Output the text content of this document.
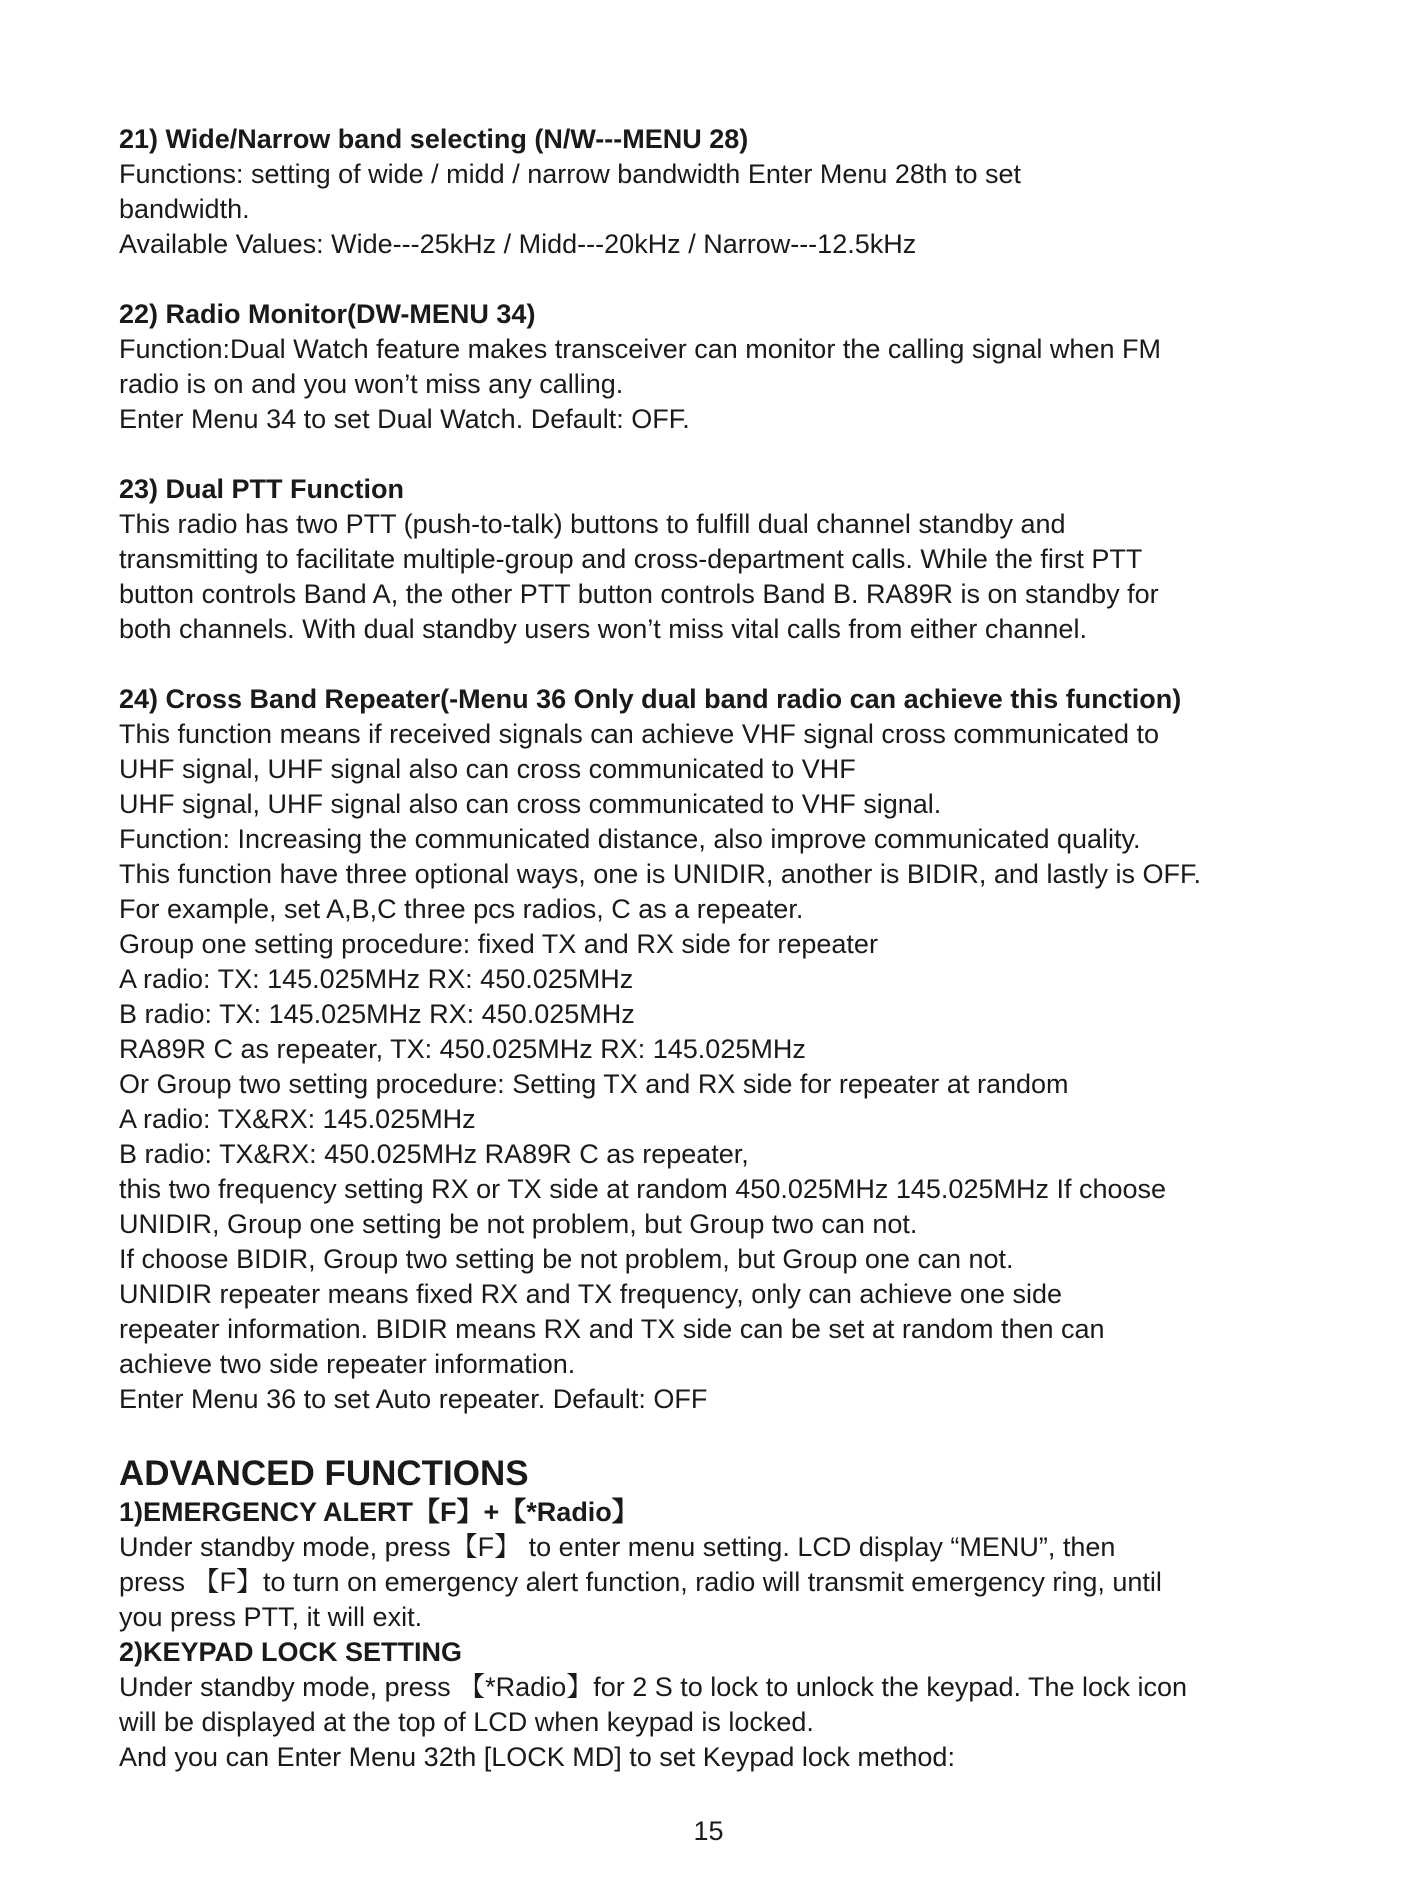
21) Wide/Narrow band selecting (N/W---MENU 28)
Functions: setting of wide / midd / narrow bandwidth Enter Menu 28th to set
bandwidth.
Available Values: Wide---25kHz / Midd---20kHz / Narrow---12.5kHz
22) Radio Monitor(DW-MENU 34)
Function:Dual Watch feature makes transceiver can monitor the calling signal when FM
radio is on and you won’t miss any calling.
Enter Menu 34 to set Dual Watch. Default: OFF.
23) Dual PTT Function
This radio has two PTT (push-to-talk) buttons to fulfill dual channel standby and
transmitting to facilitate multiple-group and cross-department calls. While the first PTT
button controls Band A, the other PTT button controls Band B. RA89R is on standby for
both channels. With dual standby users won’t miss vital calls from either channel.
24) Cross Band Repeater(-Menu 36 Only dual band radio can achieve this function)
This function means if received signals can achieve VHF signal cross communicated to
UHF signal, UHF signal also can cross communicated to VHF
UHF signal, UHF signal also can cross communicated to VHF signal.
Function: Increasing the communicated distance, also improve communicated quality.
This function have three optional ways, one is UNIDIR, another is BIDIR, and lastly is OFF.
For example, set A,B,C three pcs radios, C as a repeater.
Group one setting procedure: fixed TX and RX side for repeater
A radio: TX: 145.025MHz RX: 450.025MHz
B radio: TX: 145.025MHz RX: 450.025MHz
RA89R C as repeater, TX: 450.025MHz RX: 145.025MHz
Or Group two setting procedure: Setting TX and RX side for repeater at random
A radio: TX&RX: 145.025MHz
B radio: TX&RX: 450.025MHz RA89R C as repeater,
this two frequency setting RX or TX side at random 450.025MHz 145.025MHz If choose
UNIDIR, Group one setting be not problem, but Group two can not.
If choose BIDIR, Group two setting be not problem, but Group one can not.
UNIDIR repeater means fixed RX and TX frequency, only can achieve one side
repeater information. BIDIR means RX and TX side can be set at random then can
achieve two side repeater information.
Enter Menu 36 to set Auto repeater. Default: OFF
ADVANCED FUNCTIONS
1)EMERGENCY ALERT【F】+【*Radio】
Under standby mode, press【F】 to enter menu setting. LCD display “MENU”, then
press 【F】to turn on emergency alert function, radio will transmit emergency ring, until
you press PTT, it will exit.
2)KEYPAD LOCK SETTING
Under standby mode, press 【*Radio】for 2 S to lock to unlock the keypad. The lock icon
will be displayed at the top of LCD when keypad is locked.
And you can Enter Menu 32th [LOCK MD] to set Keypad lock method:
15
